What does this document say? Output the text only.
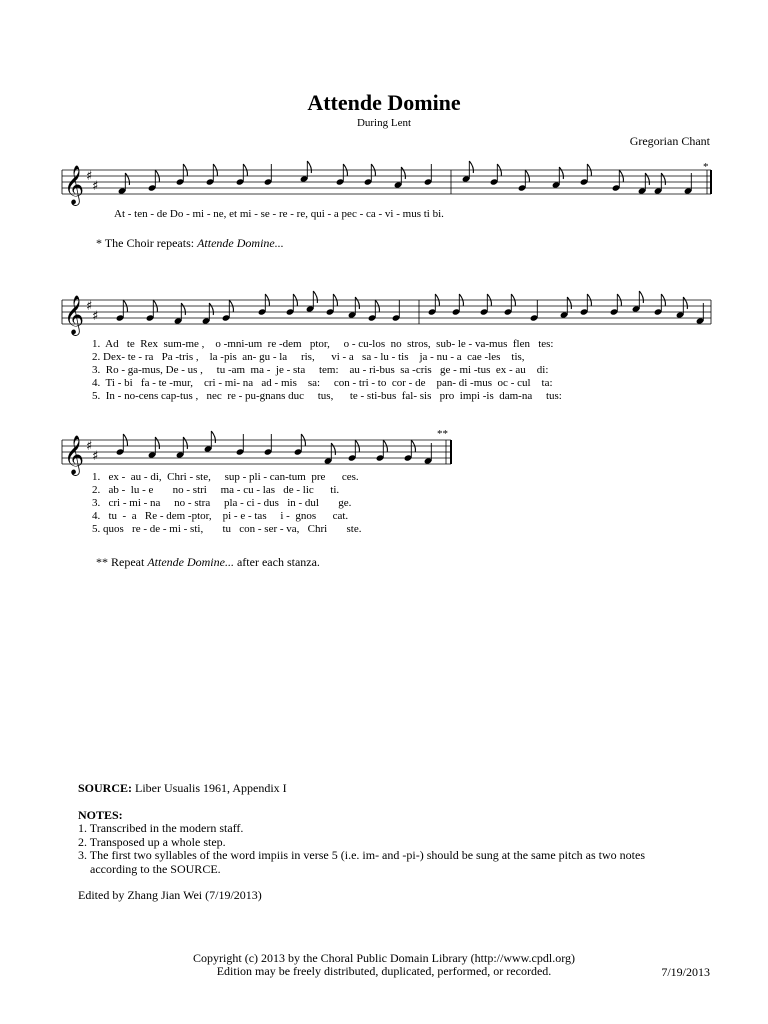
Attende Domine
During Lent
Gregorian Chant
𝄞 ♯
♯
*
At - ten - de Do - mi - ne, et mi - se - re - re, qui - a pec - ca - vi - mus ti bi.
* The Choir repeats: Attende Domine...
𝄞 ♯
♯
1.  Ad   te  Rex  sum-me ,    o -mni-um  re -dem   ptor,     o - cu-los  no  stros,  sub- le - va-mus  flen   tes:
2. Dex- te - ra   Pa -tris ,    la -pis  an- gu - la     ris,      vi - a   sa - lu - tis    ja - nu - a  cae -les    tis,
3.  Ro - ga-mus, De - us ,     tu -am  ma -  je - sta     tem:    au - ri-bus  sa -cris   ge - mi -tus  ex - au    di:
4.  Ti - bi   fa - te -mur,    cri - mi- na   ad - mis    sa:     con - tri - to  cor - de    pan- di -mus  oc - cul    ta:
5.  In - no-cens cap-tus ,   nec  re - pu-gnans duc     tus,      te - sti-bus  fal- sis   pro  impi -is  dam-na     tus:
𝄞 ♯
♯
**
1.   ex -  au - di,  Chri - ste,     sup - pli - can-tum  pre      ces.
2.   ab -  lu - e       no - stri     ma - cu - las   de - lic      ti.
3.   cri - mi - na     no - stra     pla - ci - dus   in - dul       ge.
4.   tu  -  a   Re - dem -ptor,    pi - e - tas     i -  gnos      cat.
5. quos   re - de - mi - sti,       tu   con - ser - va,   Chri       ste.
** Repeat Attende Domine... after each stanza.

SOURCE: Liber Usualis 1961, Appendix I

NOTES:

1. Transcribed in the modern staff.

2. Transposed up a whole step.

3. The first two syllables of the word impiis in verse 5 (i.e. im- and -pi-) should be sung at the same pitch as two notes

according to the SOURCE.

Edited by Zhang Jian Wei (7/19/2013)

Copyright (c) 2013 by the Choral Public Domain Library (http://www.cpdl.org)
Edition may be freely distributed, duplicated, performed, or recorded.	7/19/2013
